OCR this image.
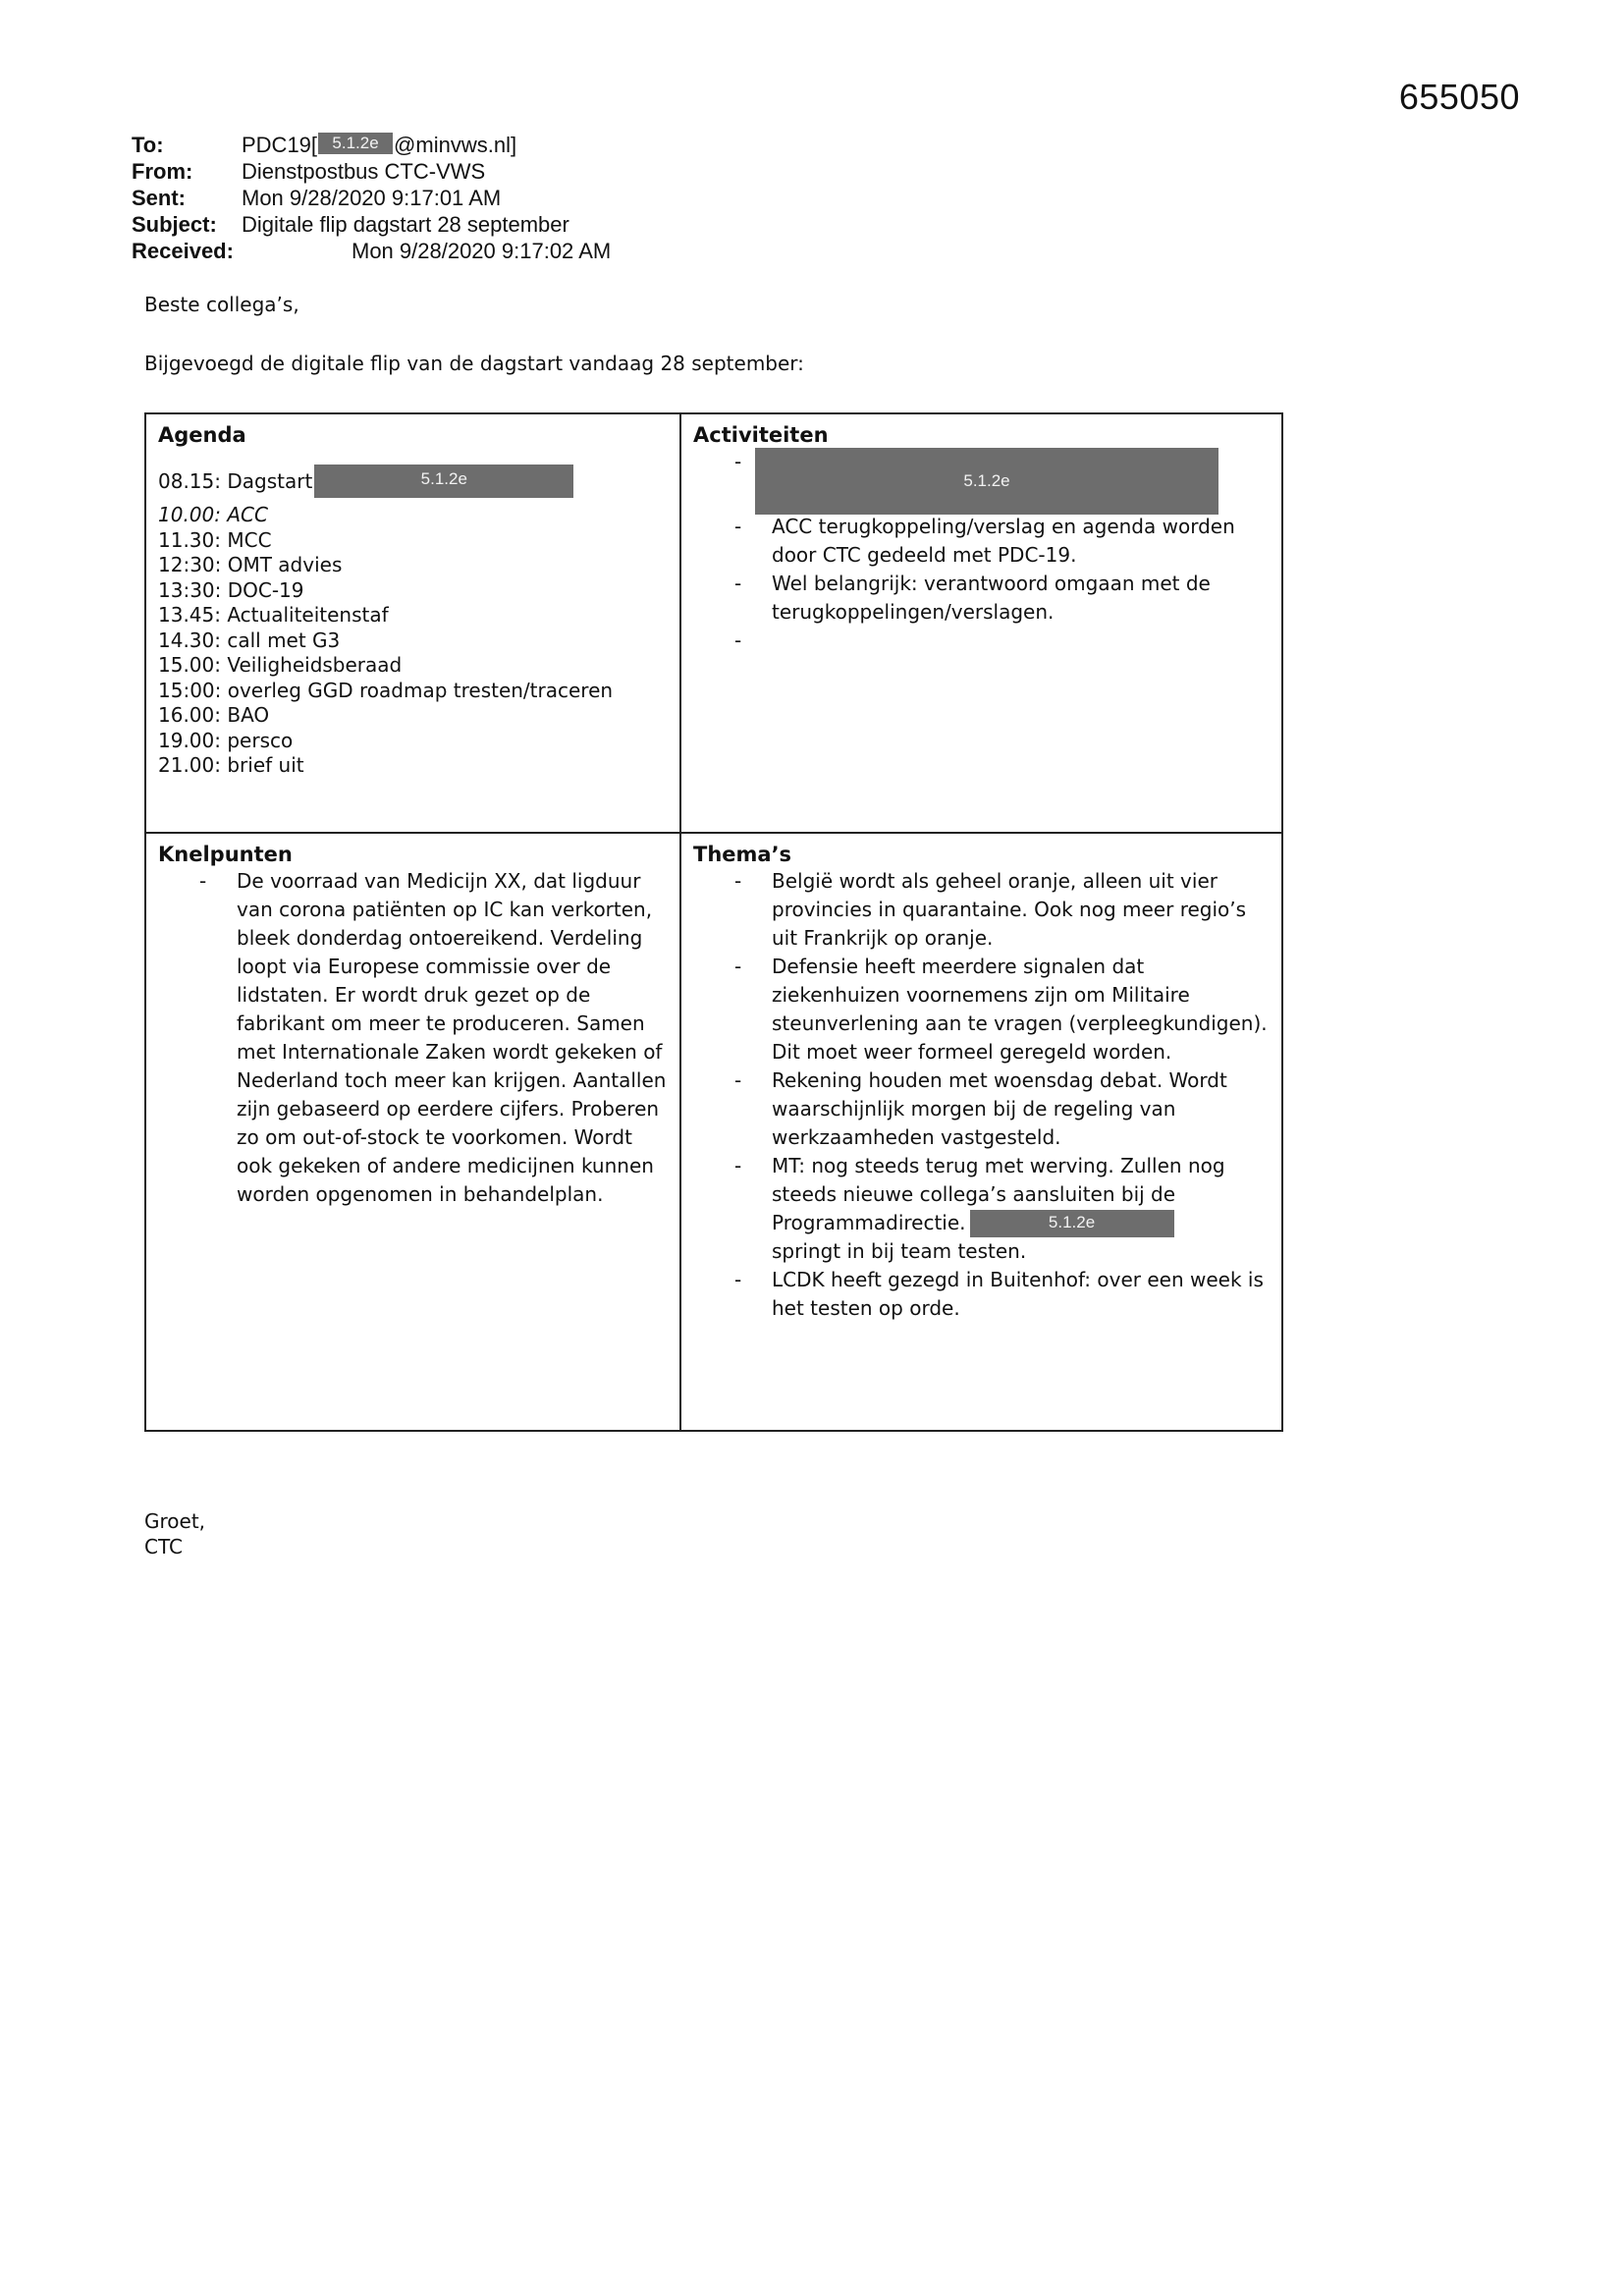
655050
To:	PDC19[ 5.1.2e @minvws.nl]
From:	Dienstpostbus CTC-VWS
Sent:	Mon 9/28/2020 9:17:01 AM
Subject:	Digitale flip dagstart 28 september
Received:	Mon 9/28/2020 9:17:02 AM
Beste collega’s,
Bijgevoegd de digitale flip van de dagstart vandaag 28 september:
Agenda
08.15: Dagstart	5.1.2e
10.00: ACC
11.30: MCC
12:30: OMT advies
13:30: DOC-19
13.45: Actualiteitenstaf
14.30: call met G3
15.00: Veiligheidsberaad
15:00: overleg GGD roadmap tresten/traceren
16.00: BAO
19.00: persco
21.00: brief uit
Activiteiten
- 5.1.2e
- ACC terugkoppeling/verslag en agenda worden door CTC gedeeld met PDC-19.
- Wel belangrijk: verantwoord omgaan met de terugkoppelingen/verslagen.
Knelpunten
- De voorraad van Medicijn XX, dat ligduur van corona patiënten op IC kan verkorten, bleek donderdag ontoereikend. Verdeling loopt via Europese commissie over de lidstaten. Er wordt druk gezet op de fabrikant om meer te produceren. Samen met Internationale Zaken wordt gekeken of Nederland toch meer kan krijgen. Aantallen zijn gebaseerd op eerdere cijfers. Proberen zo om out-of-stock te voorkomen. Wordt ook gekeken of andere medicijnen kunnen worden opgenomen in behandelplan.
Thema’s
- België wordt als geheel oranje, alleen uit vier provincies in quarantaine. Ook nog meer regio’s uit Frankrijk op oranje.
- Defensie heeft meerdere signalen dat ziekenhuizen voornemens zijn om Militaire steunverlening aan te vragen (verpleegkundigen). Dit moet weer formeel geregeld worden.
- Rekening houden met woensdag debat. Wordt waarschijnlijk morgen bij de regeling van werkzaamheden vastgesteld.
- MT: nog steeds terug met werving. Zullen nog steeds nieuwe collega’s aansluiten bij de Programmadirectie.	5.1.2e
springt in bij team testen.
- LCDK heeft gezegd in Buitenhof: over een week is het testen op orde.
Groet,
CTC
